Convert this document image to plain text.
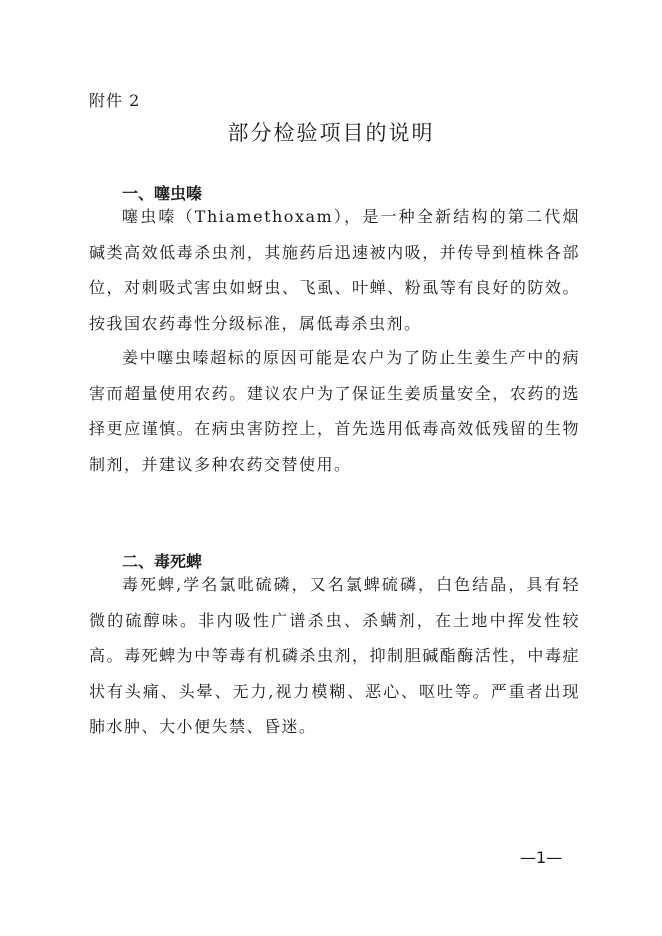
附件 2
部分检验项目的说明
一、噻虫嗪

噻虫嗪（Thiamethoxam），是一种全新结构的第二代烟碱类高效低毒杀虫剂，其施药后迅速被内吸，并传导到植株各部位，对刺吸式害虫如蚜虫、飞虱、叶蝉、粉虱等有良好的防效。按我国农药毒性分级标准，属低毒杀虫剂。

姜中噻虫嗪超标的原因可能是农户为了防止生姜生产中的病害而超量使用农药。建议农户为了保证生姜质量安全，农药的选择更应谨慎。在病虫害防控上，首先选用低毒高效低残留的生物制剂，并建议多种农药交替使用。

二、毒死蜱

毒死蜱,学名氯吡硫磷，又名氯蜱硫磷，白色结晶，具有轻微的硫醇味。非内吸性广谱杀虫、杀螨剂，在土地中挥发性较高。毒死蜱为中等毒有机磷杀虫剂，抑制胆碱酯酶活性，中毒症状有头痛、头晕、无力,视力模糊、恶心、呕吐等。严重者出现肺水肿、大小便失禁、昏迷。

—1—
